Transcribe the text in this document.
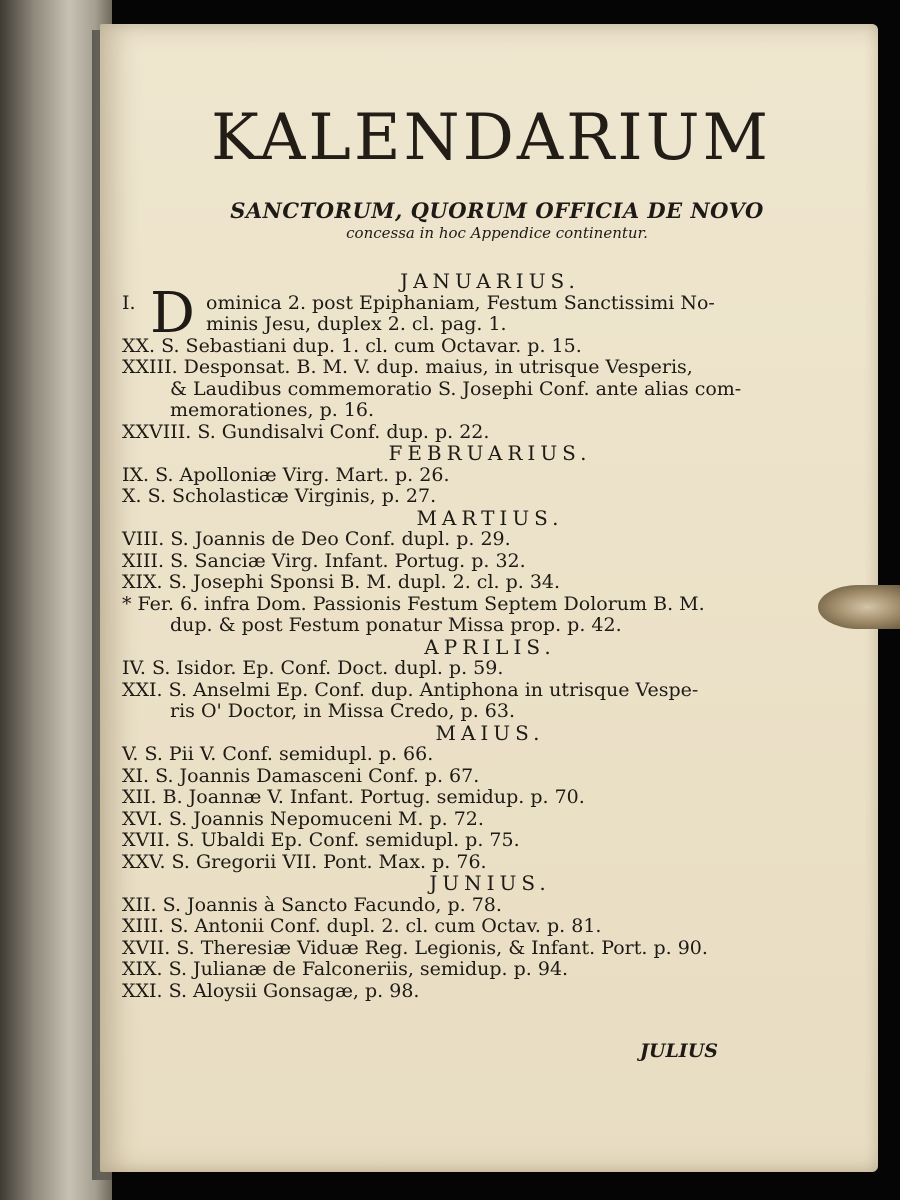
KALENDARIUM
SANCTORUM, QUORUM OFFICIA DE NOVO
concessa in hoc Appendice continentur.
JANUARIUS.
I. D ominica 2. post Epiphaniam, Festum Sanctissimi No-
minis Jesu, duplex 2. cl. pag. 1.
XX. S. Sebastiani dup. 1. cl. cum Octavar. p. 15.
XXIII. Desponsat. B. M. V. dup. maius, in utrisque Vesperis,
& Laudibus commemoratio S. Josephi Conf. ante alias com-
memorationes, p. 16.
XXVIII. S. Gundisalvi Conf. dup. p. 22.
FEBRUARIUS.
IX. S. Apolloniæ Virg. Mart. p. 26.
X. S. Scholasticæ Virginis, p. 27.
MARTIUS.
VIII. S. Joannis de Deo Conf. dupl. p. 29.
XIII. S. Sanciæ Virg. Infant. Portug. p. 32.
XIX. S. Josephi Sponsi B. M. dupl. 2. cl. p. 34.
* Fer. 6. infra Dom. Passionis Festum Septem Dolorum B. M.
dup. & post Festum ponatur Missa prop. p. 42.
APRILIS.
IV. S. Isidor. Ep. Conf. Doct. dupl. p. 59.
XXI. S. Anselmi Ep. Conf. dup. Antiphona in utrisque Vespe-
ris O' Doctor, in Missa Credo, p. 63.
MAIUS.
V. S. Pii V. Conf. semidupl. p. 66.
XI. S. Joannis Damasceni Conf. p. 67.
XII. B. Joannæ V. Infant. Portug. semidup. p. 70.
XVI. S. Joannis Nepomuceni M. p. 72.
XVII. S. Ubaldi Ep. Conf. semidupl. p. 75.
XXV. S. Gregorii VII. Pont. Max. p. 76.
JUNIUS.
XII. S. Joannis à Sancto Facundo, p. 78.
XIII. S. Antonii Conf. dupl. 2. cl. cum Octav. p. 81.
XVII. S. Theresiæ Viduæ Reg. Legionis, & Infant. Port. p. 90.
XIX. S. Julianæ de Falconeriis, semidup. p. 94.
XXI. S. Aloysii Gonsagæ, p. 98.
JULIUS
